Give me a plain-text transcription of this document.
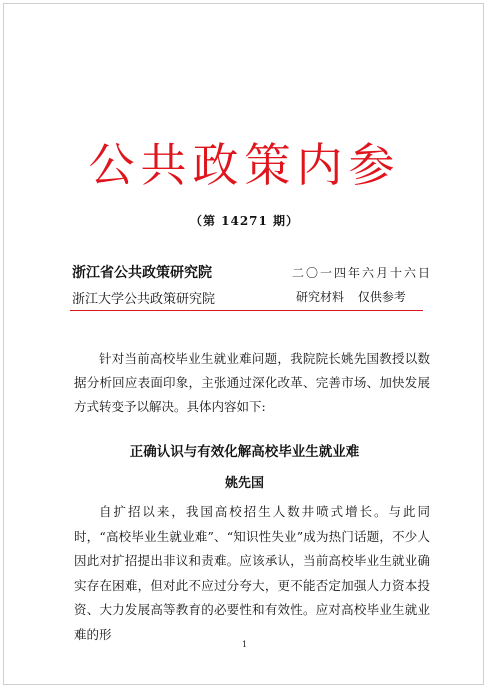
公共政策内参
（第 14271 期）
浙江省公共政策研究院	二〇一四年六月十六日
浙江大学公共政策研究院	研究材料 仅供参考

针对当前高校毕业生就业难问题，我院院长姚先国教授以数据分析回应表面印象，主张通过深化改革、完善市场、加快发展方式转变予以解决。具体内容如下:

正确认识与有效化解高校毕业生就业难
姚先国

自扩招以来，我国高校招生人数井喷式增长。与此同时，“高校毕业生就业难”、“知识性失业”成为热门话题，不少人因此对扩招提出非议和责难。应该承认，当前高校毕业生就业确实存在困难，但对此不应过分夸大，更不能否定加强人力资本投资、大力发展高等教育的必要性和有效性。应对高校毕业生就业难的形

1
